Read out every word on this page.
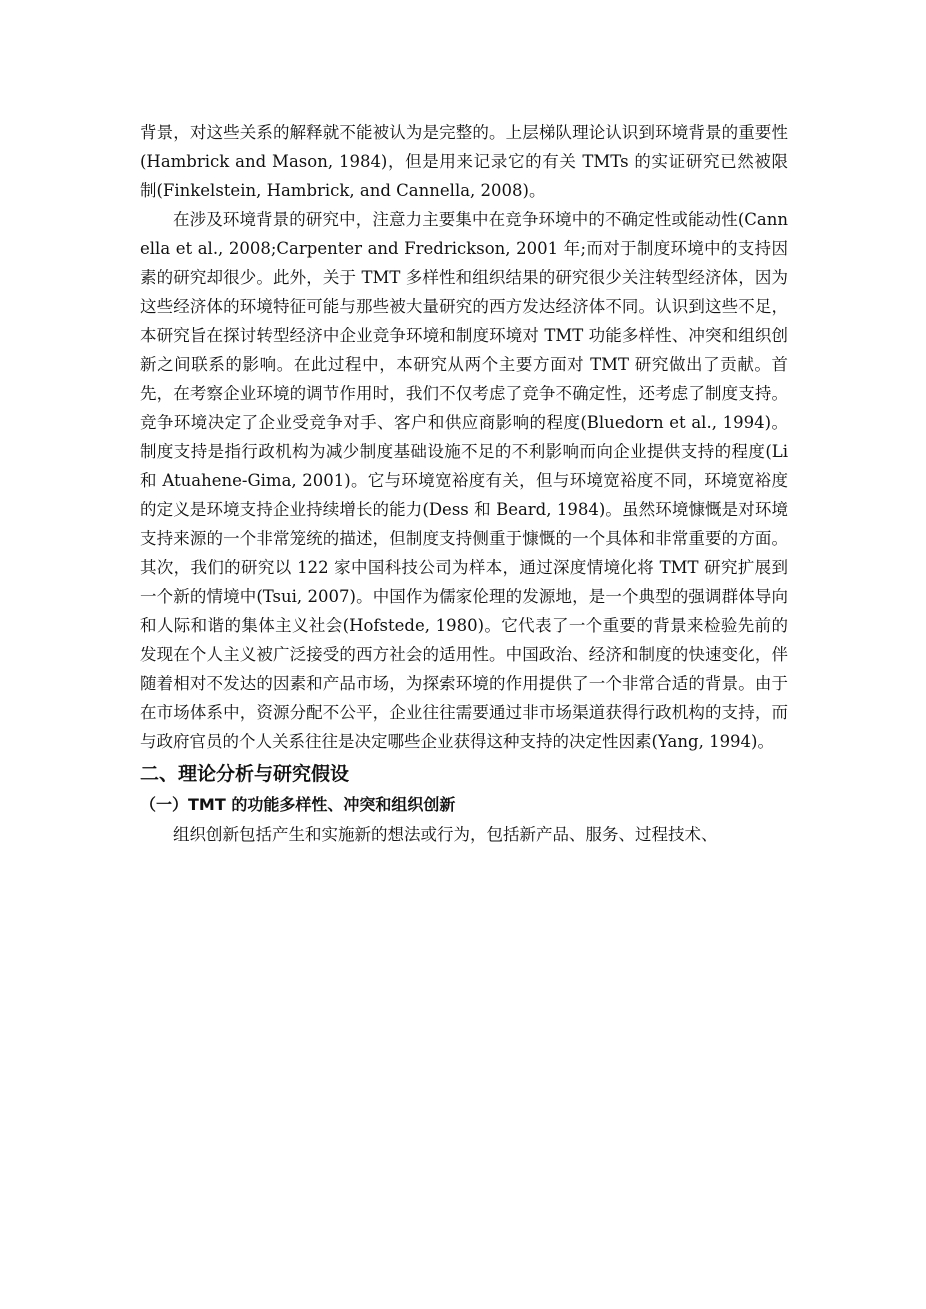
背景，对这些关系的解释就不能被认为是完整的。上层梯队理论认识到环境背景的重要性(Hambrick and Mason, 1984)，但是用来记录它的有关 TMTs 的实证研究已然被限制(Finkelstein, Hambrick, and Cannella, 2008)。

在涉及环境背景的研究中，注意力主要集中在竞争环境中的不确定性或能动性(Cannella et al., 2008;Carpenter and Fredrickson, 2001 年;而对于制度环境中的支持因素的研究却很少。此外，关于 TMT 多样性和组织结果的研究很少关注转型经济体，因为这些经济体的环境特征可能与那些被大量研究的西方发达经济体不同。认识到这些不足，本研究旨在探讨转型经济中企业竞争环境和制度环境对 TMT 功能多样性、冲突和组织创新之间联系的影响。在此过程中，本研究从两个主要方面对 TMT 研究做出了贡献。首先，在考察企业环境的调节作用时，我们不仅考虑了竞争不确定性，还考虑了制度支持。竞争环境决定了企业受竞争对手、客户和供应商影响的程度(Bluedorn et al., 1994)。制度支持是指行政机构为减少制度基础设施不足的不利影响而向企业提供支持的程度(Li 和 Atuahene-Gima, 2001)。它与环境宽裕度有关，但与环境宽裕度不同，环境宽裕度的定义是环境支持企业持续增长的能力(Dess 和 Beard, 1984)。虽然环境慷慨是对环境支持来源的一个非常笼统的描述，但制度支持侧重于慷慨的一个具体和非常重要的方面。其次，我们的研究以 122 家中国科技公司为样本，通过深度情境化将 TMT 研究扩展到一个新的情境中(Tsui, 2007)。中国作为儒家伦理的发源地，是一个典型的强调群体导向和人际和谐的集体主义社会(Hofstede, 1980)。它代表了一个重要的背景来检验先前的发现在个人主义被广泛接受的西方社会的适用性。中国政治、经济和制度的快速变化，伴随着相对不发达的因素和产品市场，为探索环境的作用提供了一个非常合适的背景。由于在市场体系中，资源分配不公平，企业往往需要通过非市场渠道获得行政机构的支持，而与政府官员的个人关系往往是决定哪些企业获得这种支持的决定性因素(Yang, 1994)。

二、理论分析与研究假设
（一）TMT 的功能多样性、冲突和组织创新

组织创新包括产生和实施新的想法或行为，包括新产品、服务、过程技术、
